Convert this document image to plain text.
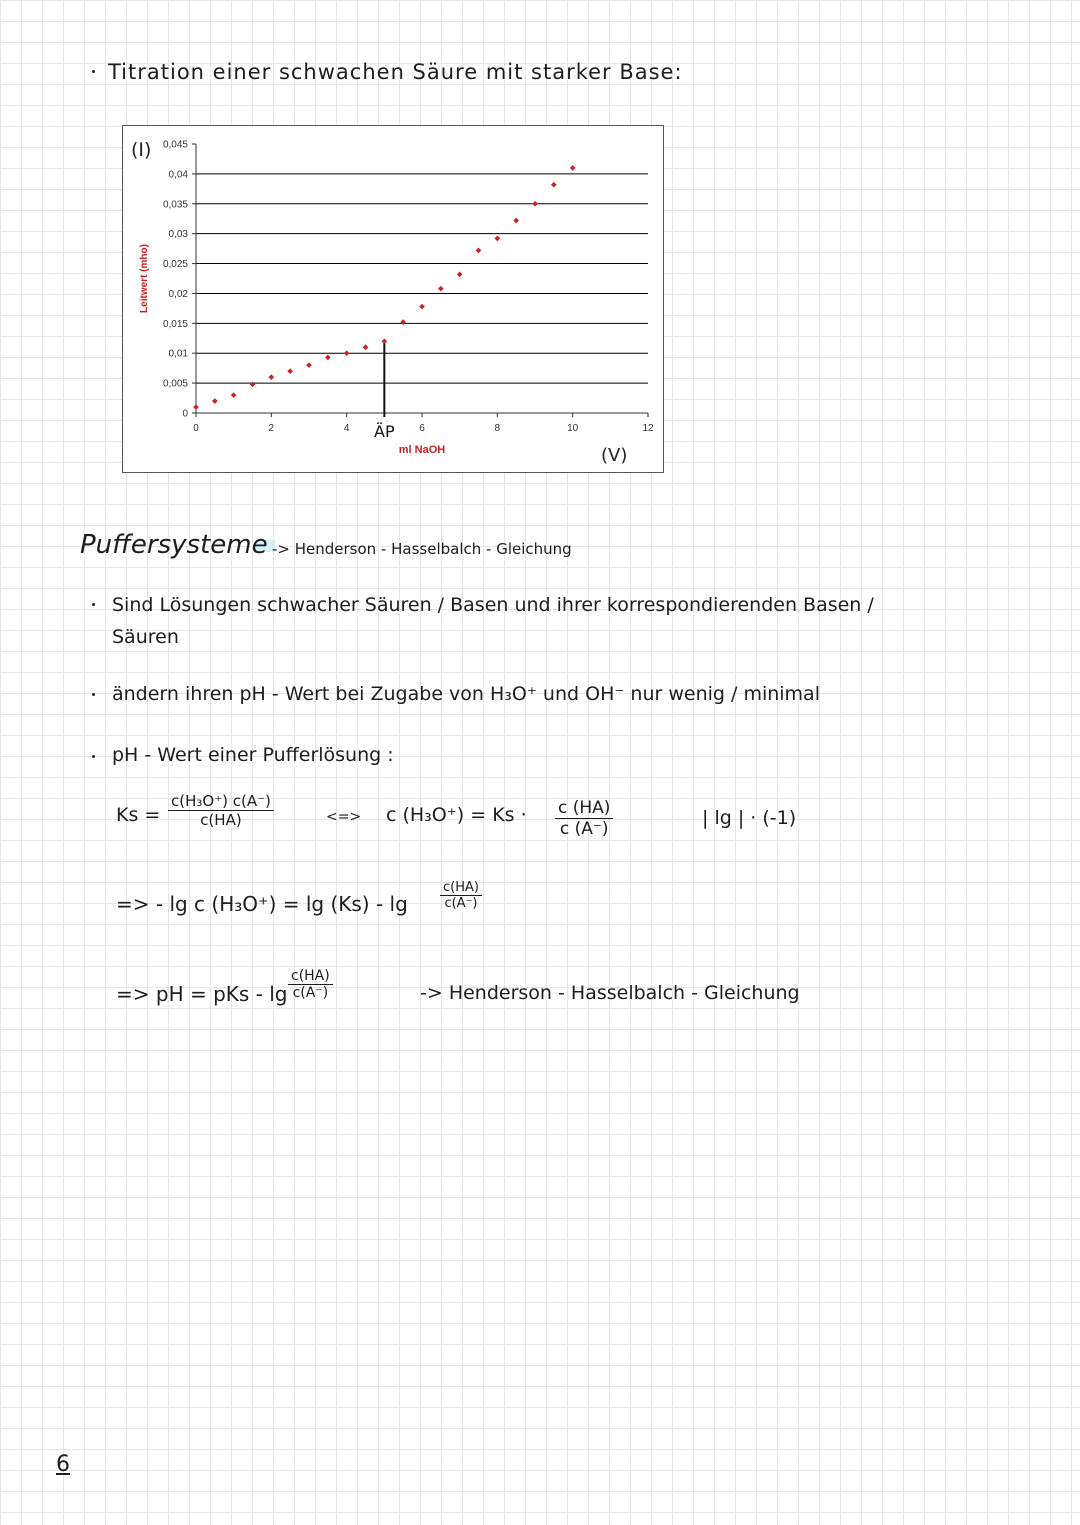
Titration einer schwachen Säure mit starker Base:
0
0,005
0,01
0,015
0,02
0,025
0,03
0,035
0,04
0,045
0	2	4	6	8	10	12
Leitwert (mho)
ml NaOH
ÄP
(I)
(V)
Puffersysteme -> Henderson - Hasselbalch - Gleichung
Sind Lösungen schwacher Säuren / Basen und ihrer korrespondierenden Basen /
Säuren
ändern ihren pH - Wert bei Zugabe von H₃O⁺ und OH⁻ nur wenig / minimal
pH - Wert einer Pufferlösung :
$Ks = \frac{\text{c(H₃O⁺) c(A⁻)}}{c(HA)}$	<=> c $(H_3O^+) = Ks \cdot \frac{c (HA)}{c (A^-)}$	| lg | · (-1)
=> - lg c $(H_3O^+) = \lg (Ks) - \lg \frac{c(HA)}{c(A^-)}$
=> pH = pKs - $\lg \frac{c(HA)}{c(A^-)}$	-> Henderson - Hasselbalch - Gleichung
6
